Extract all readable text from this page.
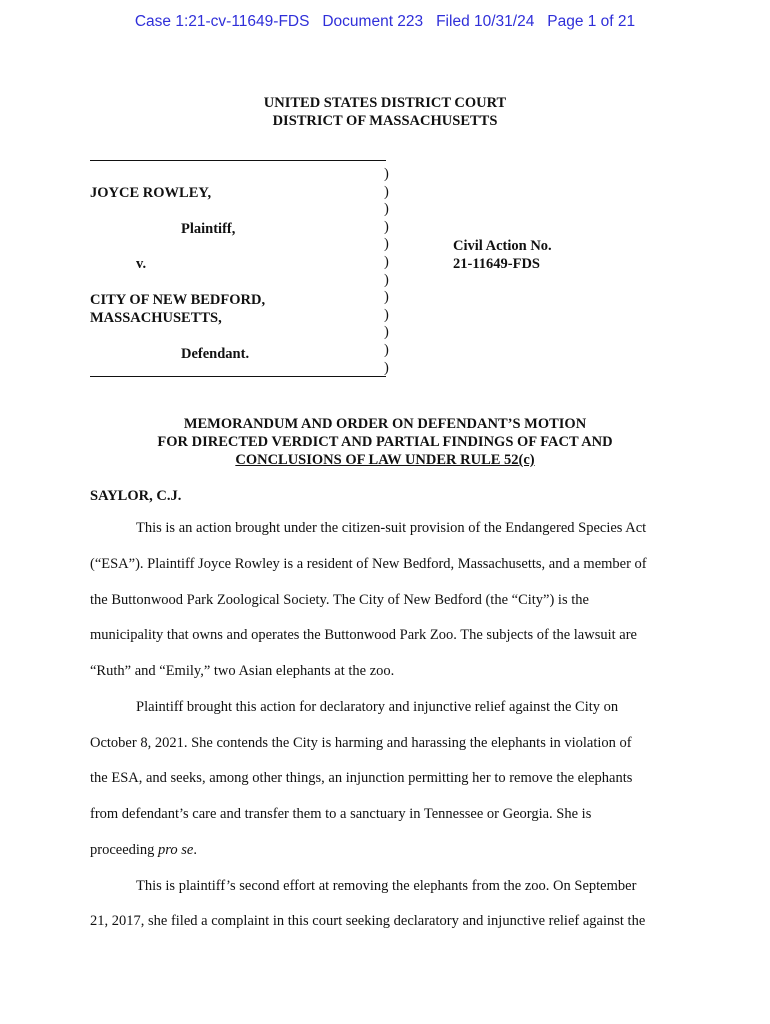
Case 1:21-cv-11649-FDS   Document 223   Filed 10/31/24   Page 1 of 21
UNITED STATES DISTRICT COURT
DISTRICT OF MASSACHUSETTS
)
)
)
)
)
)
)
)
)
)
)
)
JOYCE ROWLEY,
Plaintiff,
v.
CITY OF NEW BEDFORD,
MASSACHUSETTS,
Defendant.
Civil Action No.
21-11649-FDS
MEMORANDUM AND ORDER ON DEFENDANT’S MOTION
FOR DIRECTED VERDICT AND PARTIAL FINDINGS OF FACT AND
CONCLUSIONS OF LAW UNDER RULE 52(c)
SAYLOR, C.J.
This is an action brought under the citizen-suit provision of the Endangered Species Act
(“ESA”). Plaintiff Joyce Rowley is a resident of New Bedford, Massachusetts, and a member of
the Buttonwood Park Zoological Society. The City of New Bedford (the “City”) is the
municipality that owns and operates the Buttonwood Park Zoo. The subjects of the lawsuit are
“Ruth” and “Emily,” two Asian elephants at the zoo.
Plaintiff brought this action for declaratory and injunctive relief against the City on
October 8, 2021. She contends the City is harming and harassing the elephants in violation of
the ESA, and seeks, among other things, an injunction permitting her to remove the elephants
from defendant’s care and transfer them to a sanctuary in Tennessee or Georgia. She is
proceeding pro se.
This is plaintiff’s second effort at removing the elephants from the zoo. On September
21, 2017, she filed a complaint in this court seeking declaratory and injunctive relief against the
